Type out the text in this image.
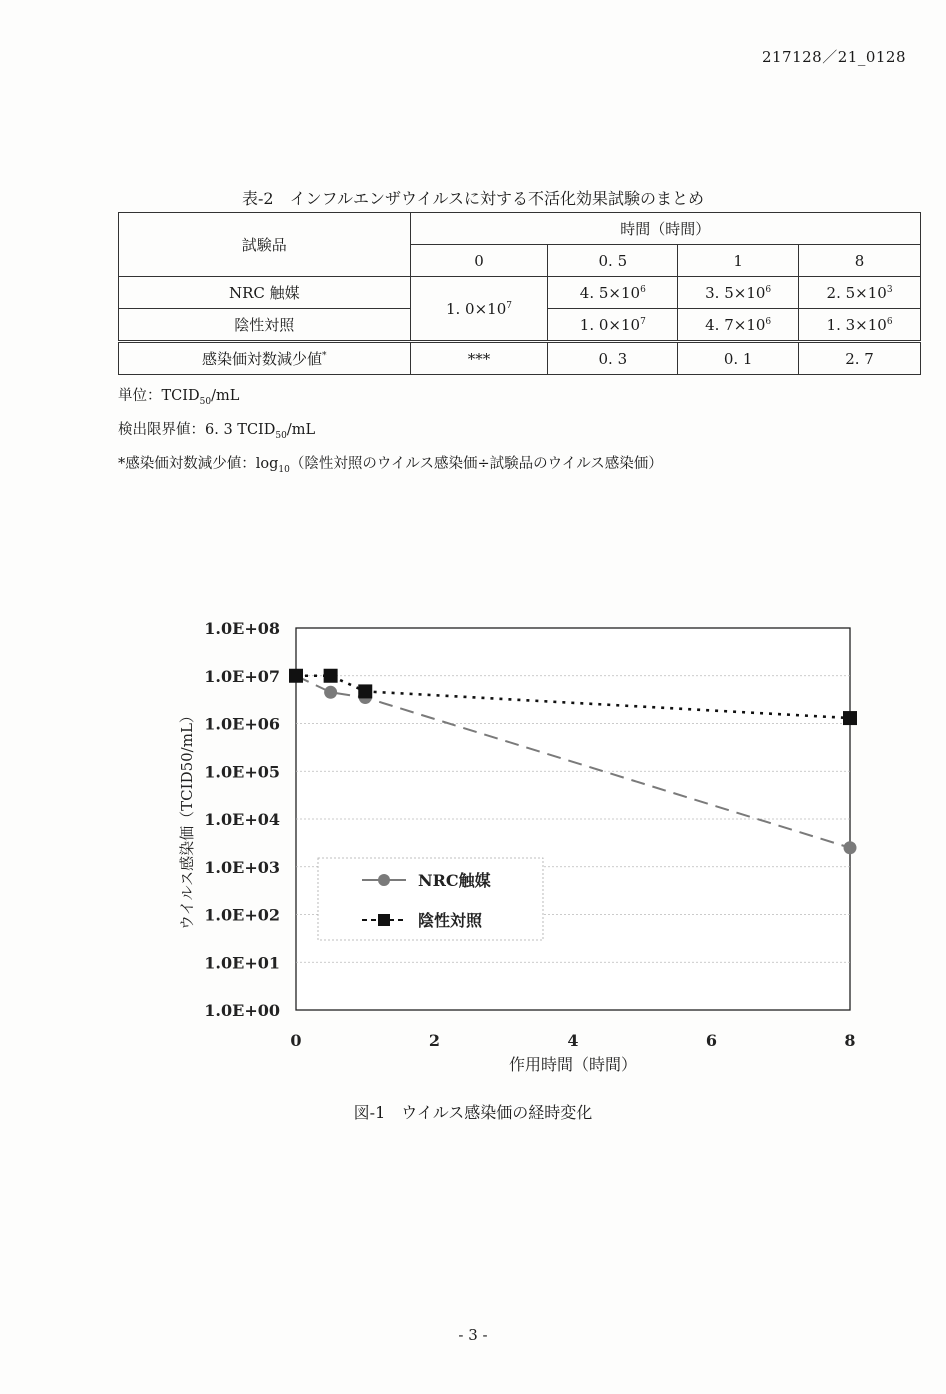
217128／21_0128
表-2　インフルエンザウイルスに対する不活化効果試験のまとめ
試験品	時間（時間）			
	0	0. 5	1	8
NRC 触媒	1. $0\times 10^7$	4. $5\times 10^6$	3. $5\times 10^6$	2. $5\times 10^3$
陰性対照		1. $0\times 10^7$	4. $7\times 10^6$	1. $3\times 10^6$
感染価対数減少値*	***	0. 3	0. 1	2. 7
単位：$TCID_{50}/mL$
検出限界値：6. 3 $TCID_{50}/mL$
*感染価対数減少値：$\log_{10}$（陰性対照のウイルス感染価÷試験品のウイルス感染価）
1.0E+00
1.0E+01
1.0E+02
1.0E+03
1.0E+04
1.0E+05
1.0E+06
1.0E+07
1.0E+08
0	2	4	6	8
作用時間（時間）
ウイルス感染価（TCID50/mL）	NRC触媒
陰性対照
図-1　ウイルス感染価の経時変化
- 3 -
